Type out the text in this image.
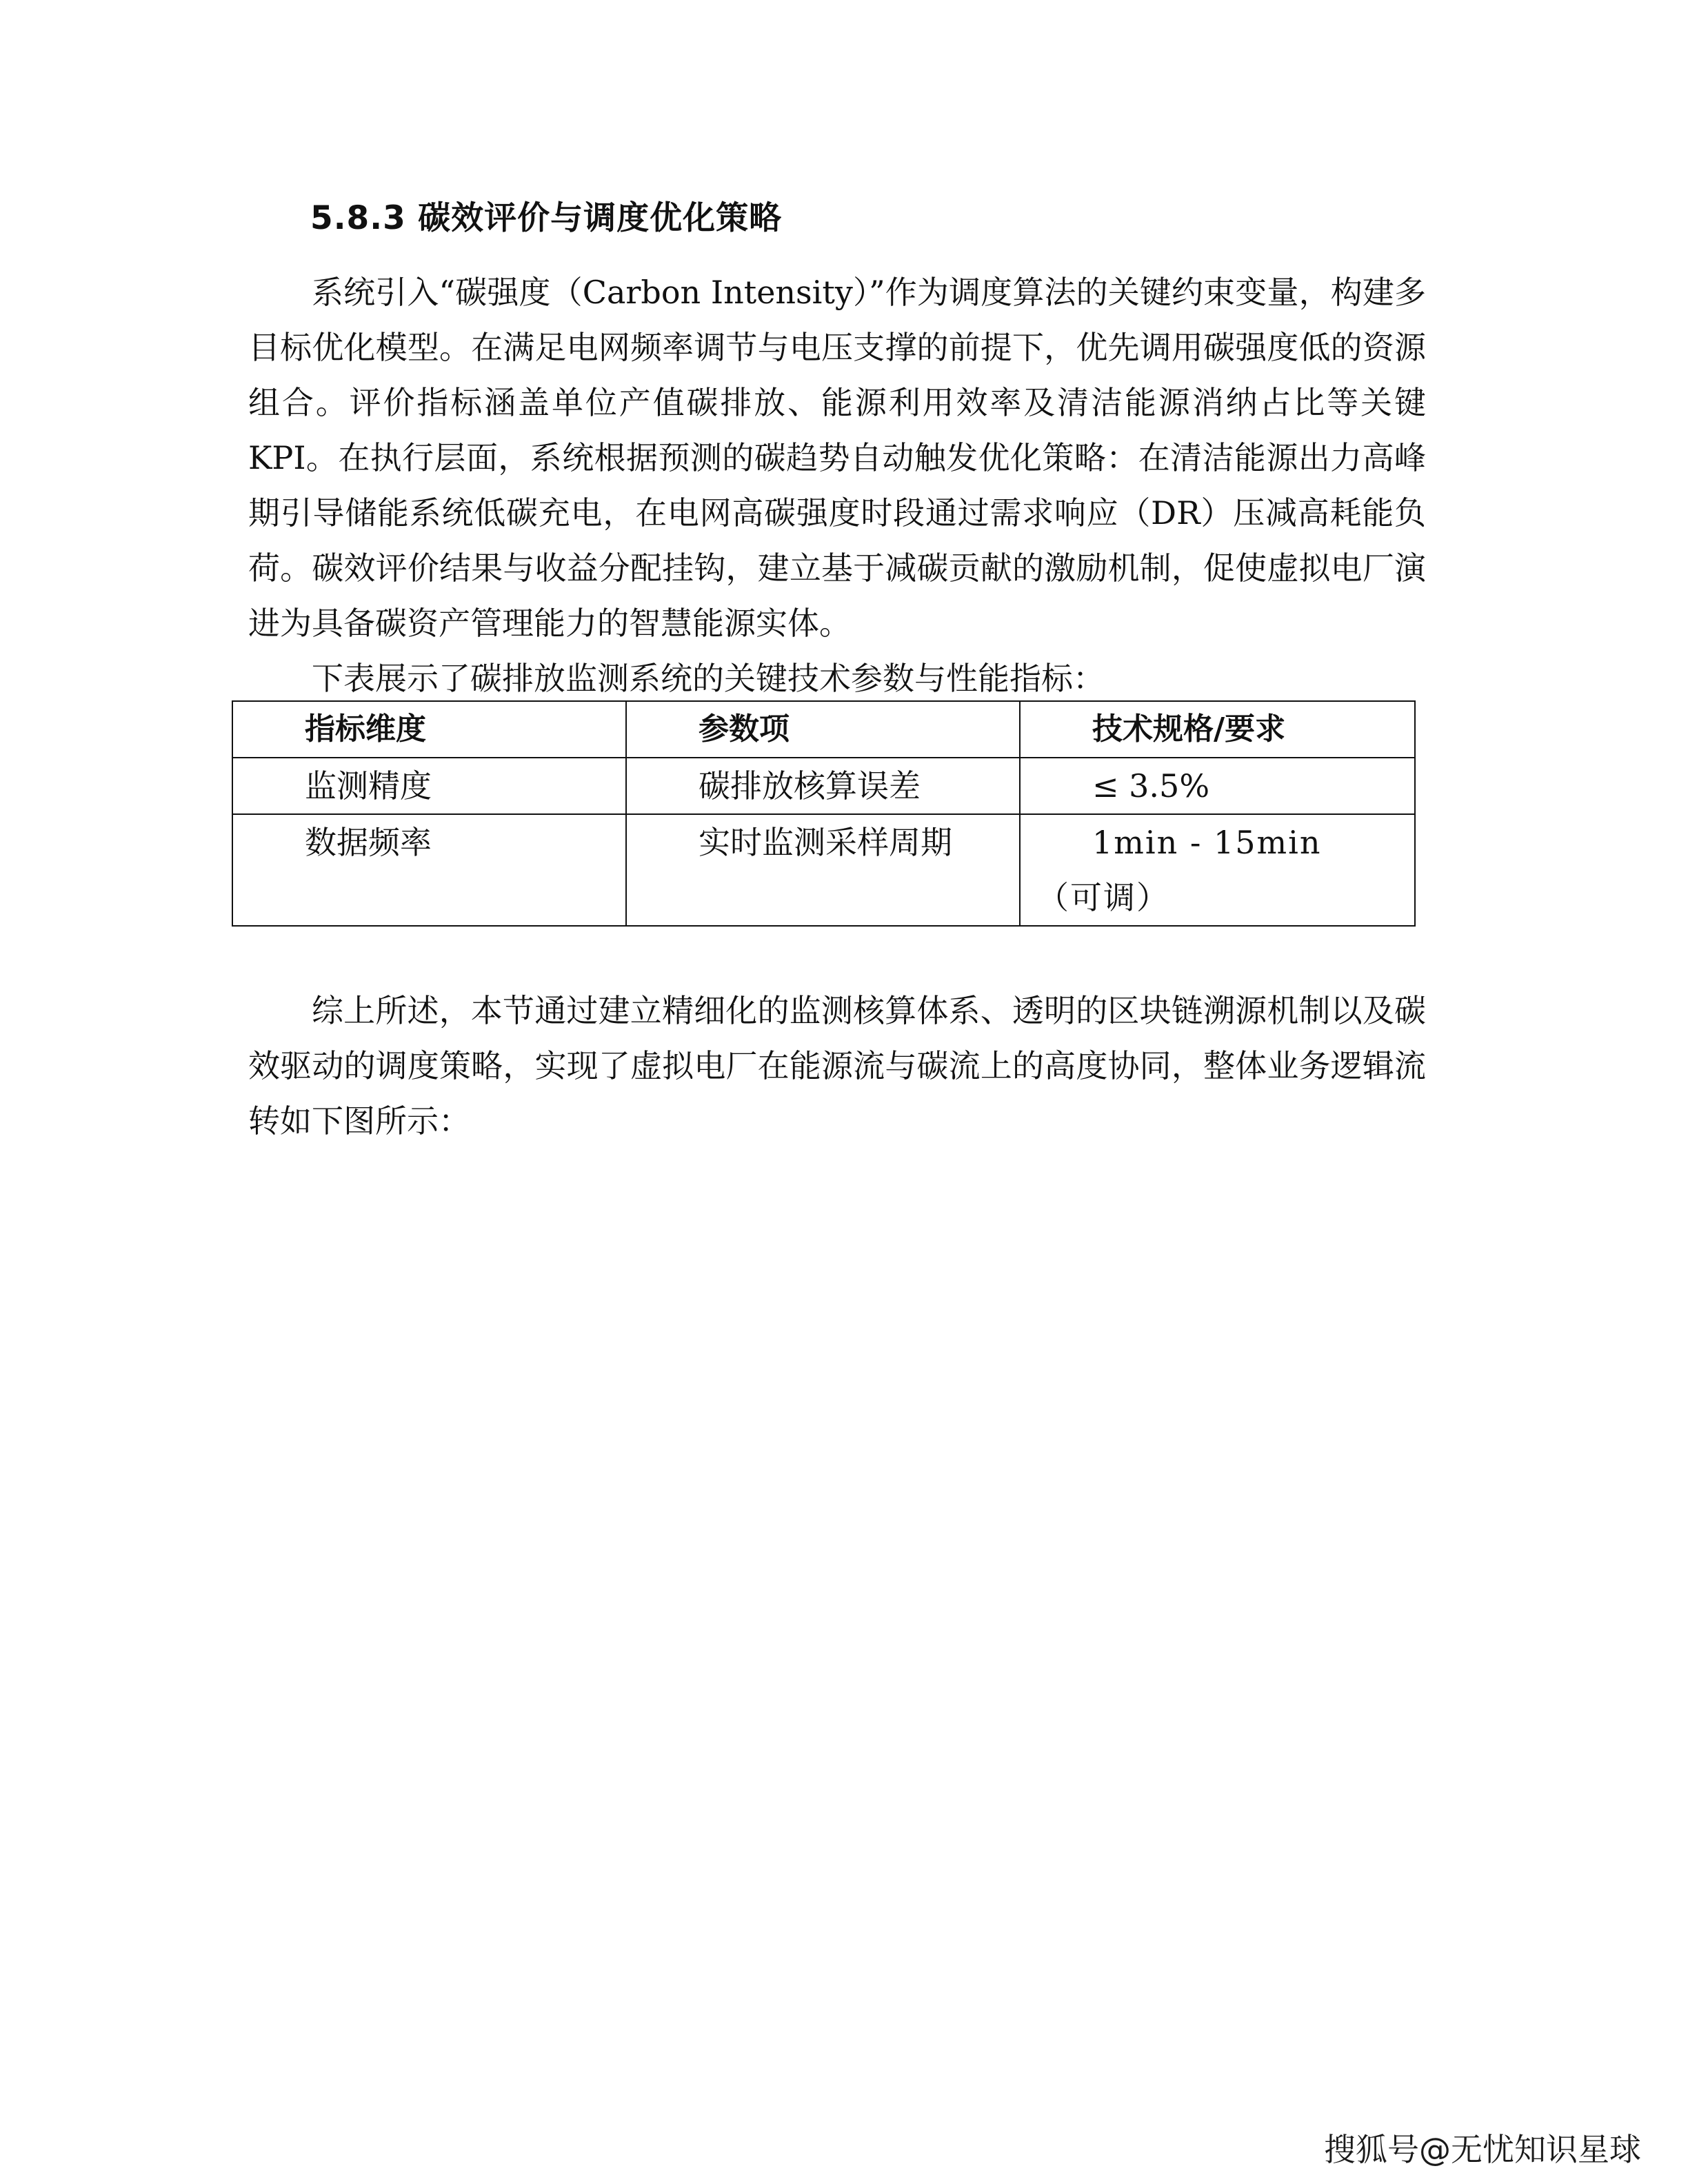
5.8.3 碳效评价与调度优化策略

系统引入“碳强度（Carbon Intensity）”作为调度算法的关键约束变量，构建多目标优化模型。在满足电网频率调节与电压支撑的前提下，优先调用碳强度低的资源组合。评价指标涵盖单位产值碳排放、能源利用效率及清洁能源消纳占比等关键 KPI。在执行层面，系统根据预测的碳趋势自动触发优化策略：在清洁能源出力高峰期引导储能系统低碳充电，在电网高碳强度时段通过需求响应（DR）压减高耗能负荷。碳效评价结果与收益分配挂钩，建立基于减碳贡献的激励机制，促使虚拟电厂演进为具备碳资产管理能力的智慧能源实体。

下表展示了碳排放监测系统的关键技术参数与性能指标：

指标维度	参数项	技术规格/要求
监测精度	碳排放核算误差	≤ 3.5%
数据频率	实时监测采样周期	1min - 15min （可调）

综上所述，本节通过建立精细化的监测核算体系、透明的区块链溯源机制以及碳效驱动的调度策略，实现了虚拟电厂在能源流与碳流上的高度协同，整体业务逻辑流转如下图所示：

搜狐号@无忧知识星球
